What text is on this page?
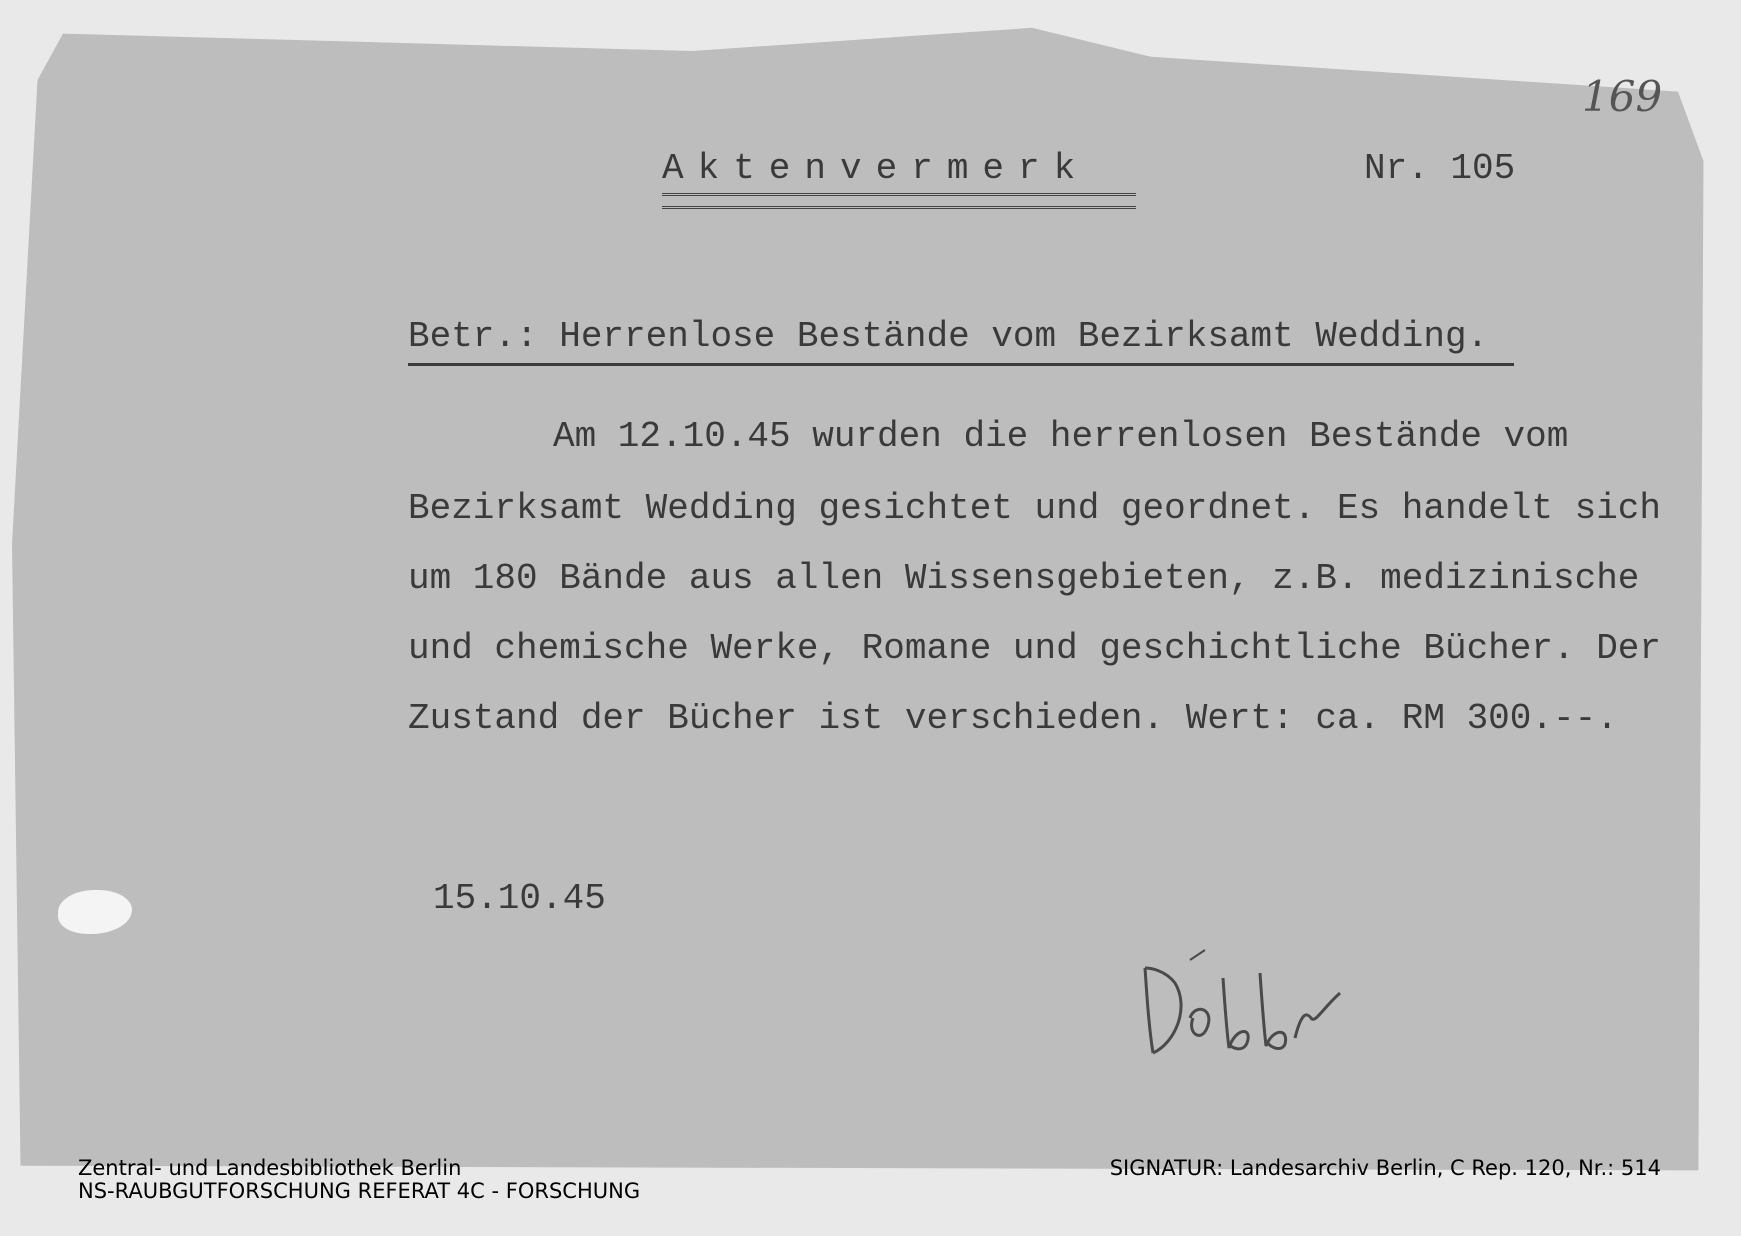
Aktenvermerk	Nr. 105
Betr.: Herrenlose Bestände vom Bezirksamt Wedding.
Am 12.10.45 wurden die herrenlosen Bestände vom
Bezirksamt Wedding gesichtet und geordnet. Es handelt sich
um 180 Bände aus allen Wissensgebieten, z.B. medizinische
und chemische Werke, Romane und geschichtliche Bücher. Der
Zustand der Bücher ist verschieden. Wert: ca. RM 300.--.
15.10.45
169
Zentral- und Landesbibliothek Berlin
NS-RAUBGUTFORSCHUNG REFERAT 4C - FORSCHUNG
SIGNATUR: Landesarchiv Berlin, C Rep. 120, Nr.: 514
